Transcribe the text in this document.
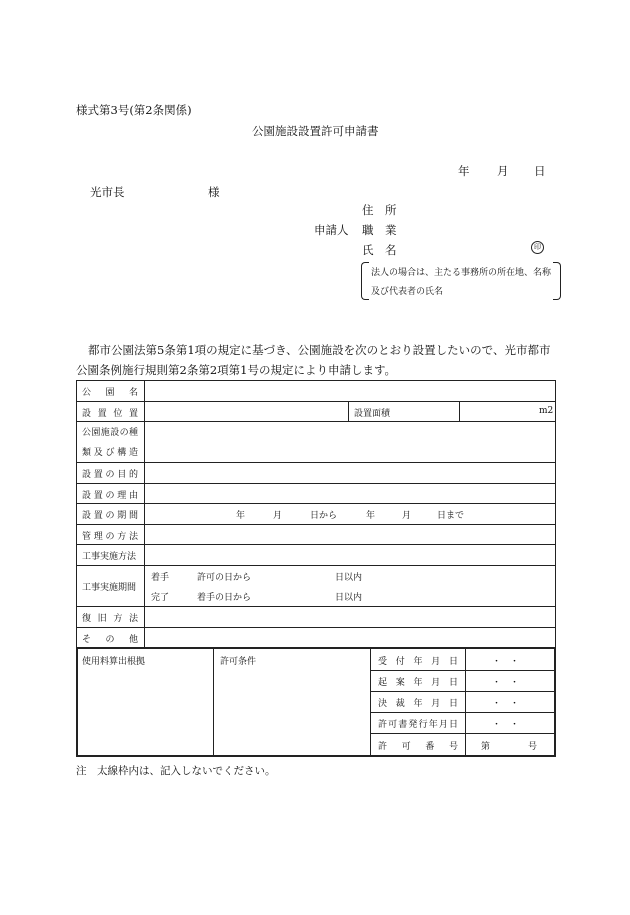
様式第3号(第2条関係)
公園施設設置許可申請書
年 月 日
光市長	様
住　所
申請人 職　業
氏　名	印
法人の場合は、主たる事務所の所在地、名称
及び代表者の氏名
都市公園法第5条第1項の規定に基づき、公園施設を次のとおり設置したいので、光市都市公園条例施行規則第2条第2項第1号の規定により申請します。
公園名
設置位置	設置面積	m2
公園施設の種
類及び構造
設置の目的
設置の理由
設置の期間	年	月	日から	年	月	日まで
管理の方法
工事実施方法
工事実施期間
着手	許可の日から	日以内
完了	着手の日から	日以内
復旧方法
その他
使用料算出根拠	許可条件	受付年月日	・　・
起案年月日	・　・
決裁年月日	・　・
許可書発行年月日	・　・
許可番号	第	号
注　太線枠内は、記入しないでください。
